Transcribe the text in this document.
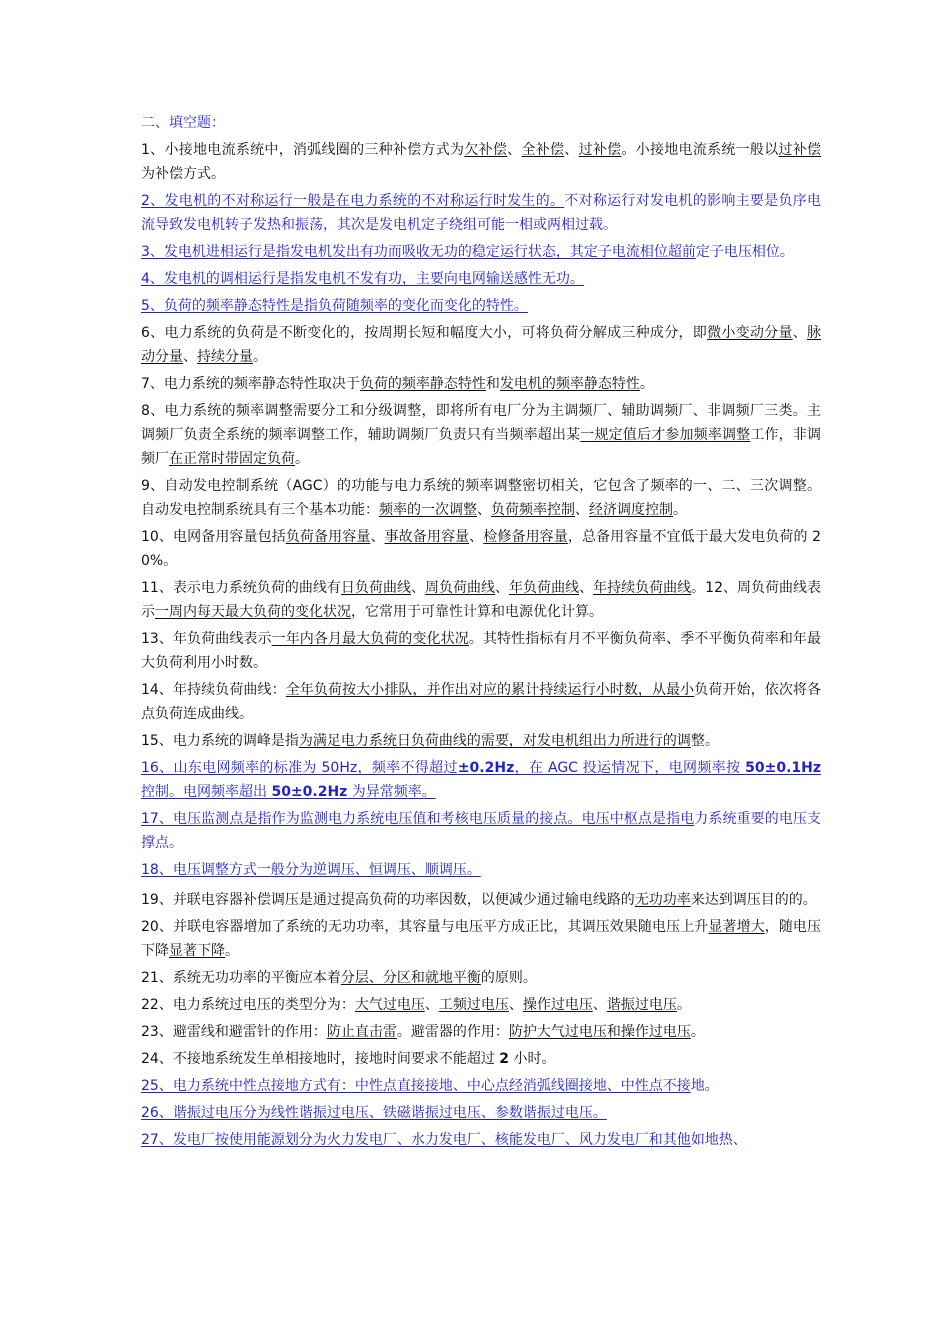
二、填空题：
1、小接地电流系统中，消弧线圈的三种补偿方式为欠补偿、全补偿、过补偿。小接地电流系统一般以过补偿为补偿方式。
2、发电机的不对称运行一般是在电力系统的不对称运行时发生的。不对称运行对发电机的影响主要是负序电流导致发电机转子发热和振荡，其次是发电机定子绕组可能一相或两相过载。
3、发电机进相运行是指发电机发出有功而吸收无功的稳定运行状态，其定子电流相位超前定子电压相位。
4、发电机的调相运行是指发电机不发有功，主要向电网输送感性无功。
5、负荷的频率静态特性是指负荷随频率的变化而变化的特性。
6、电力系统的负荷是不断变化的，按周期长短和幅度大小，可将负荷分解成三种成分，即微小变动分量、脉动分量、持续分量。
7、电力系统的频率静态特性取决于负荷的频率静态特性和发电机的频率静态特性。
8、电力系统的频率调整需要分工和分级调整，即将所有电厂分为主调频厂、辅助调频厂、非调频厂三类。主调频厂负责全系统的频率调整工作，辅助调频厂负责只有当频率超出某一规定值后才参加频率调整工作，非调频厂在正常时带固定负荷。
9、自动发电控制系统（AGC）的功能与电力系统的频率调整密切相关，它包含了频率的一、二、三次调整。自动发电控制系统具有三个基本功能：频率的一次调整、负荷频率控制、经济调度控制。
10、电网备用容量包括负荷备用容量、事故备用容量、检修备用容量，总备用容量不宜低于最大发电负荷的 20%。
11、表示电力系统负荷的曲线有日负荷曲线、周负荷曲线、年负荷曲线、年持续负荷曲线。12、周负荷曲线表示一周内每天最大负荷的变化状况，它常用于可靠性计算和电源优化计算。
13、年负荷曲线表示一年内各月最大负荷的变化状况。其特性指标有月不平衡负荷率、季不平衡负荷率和年最大负荷利用小时数。
14、年持续负荷曲线：全年负荷按大小排队，并作出对应的累计持续运行小时数，从最小负荷开始，依次将各点负荷连成曲线。
15、电力系统的调峰是指为满足电力系统日负荷曲线的需要，对发电机组出力所进行的调整。
16、山东电网频率的标准为 50Hz，频率不得超过±0.2Hz，在 AGC 投运情况下，电网频率按 50±0.1Hz 控制。电网频率超出 50±0.2Hz 为异常频率。
17、电压监测点是指作为监测电力系统电压值和考核电压质量的接点。电压中枢点是指电力系统重要的电压支撑点。
18、电压调整方式一般分为逆调压、恒调压、顺调压。
19、并联电容器补偿调压是通过提高负荷的功率因数，以便减少通过输电线路的无功功率来达到调压目的的。
20、并联电容器增加了系统的无功功率，其容量与电压平方成正比，其调压效果随电压上升显著增大，随电压下降显著下降。
21、系统无功功率的平衡应本着分层、分区和就地平衡的原则。
22、电力系统过电压的类型分为：大气过电压、工频过电压、操作过电压、谐振过电压。
23、避雷线和避雷针的作用：防止直击雷。避雷器的作用：防护大气过电压和操作过电压。
24、不接地系统发生单相接地时，接地时间要求不能超过 2 小时。
25、电力系统中性点接地方式有：中性点直接接地、中心点经消弧线圈接地、中性点不接地。
26、谐振过电压分为线性谐振过电压、铁磁谐振过电压、参数谐振过电压。
27、发电厂按使用能源划分为火力发电厂、水力发电厂、核能发电厂、风力发电厂和其他如地热、
